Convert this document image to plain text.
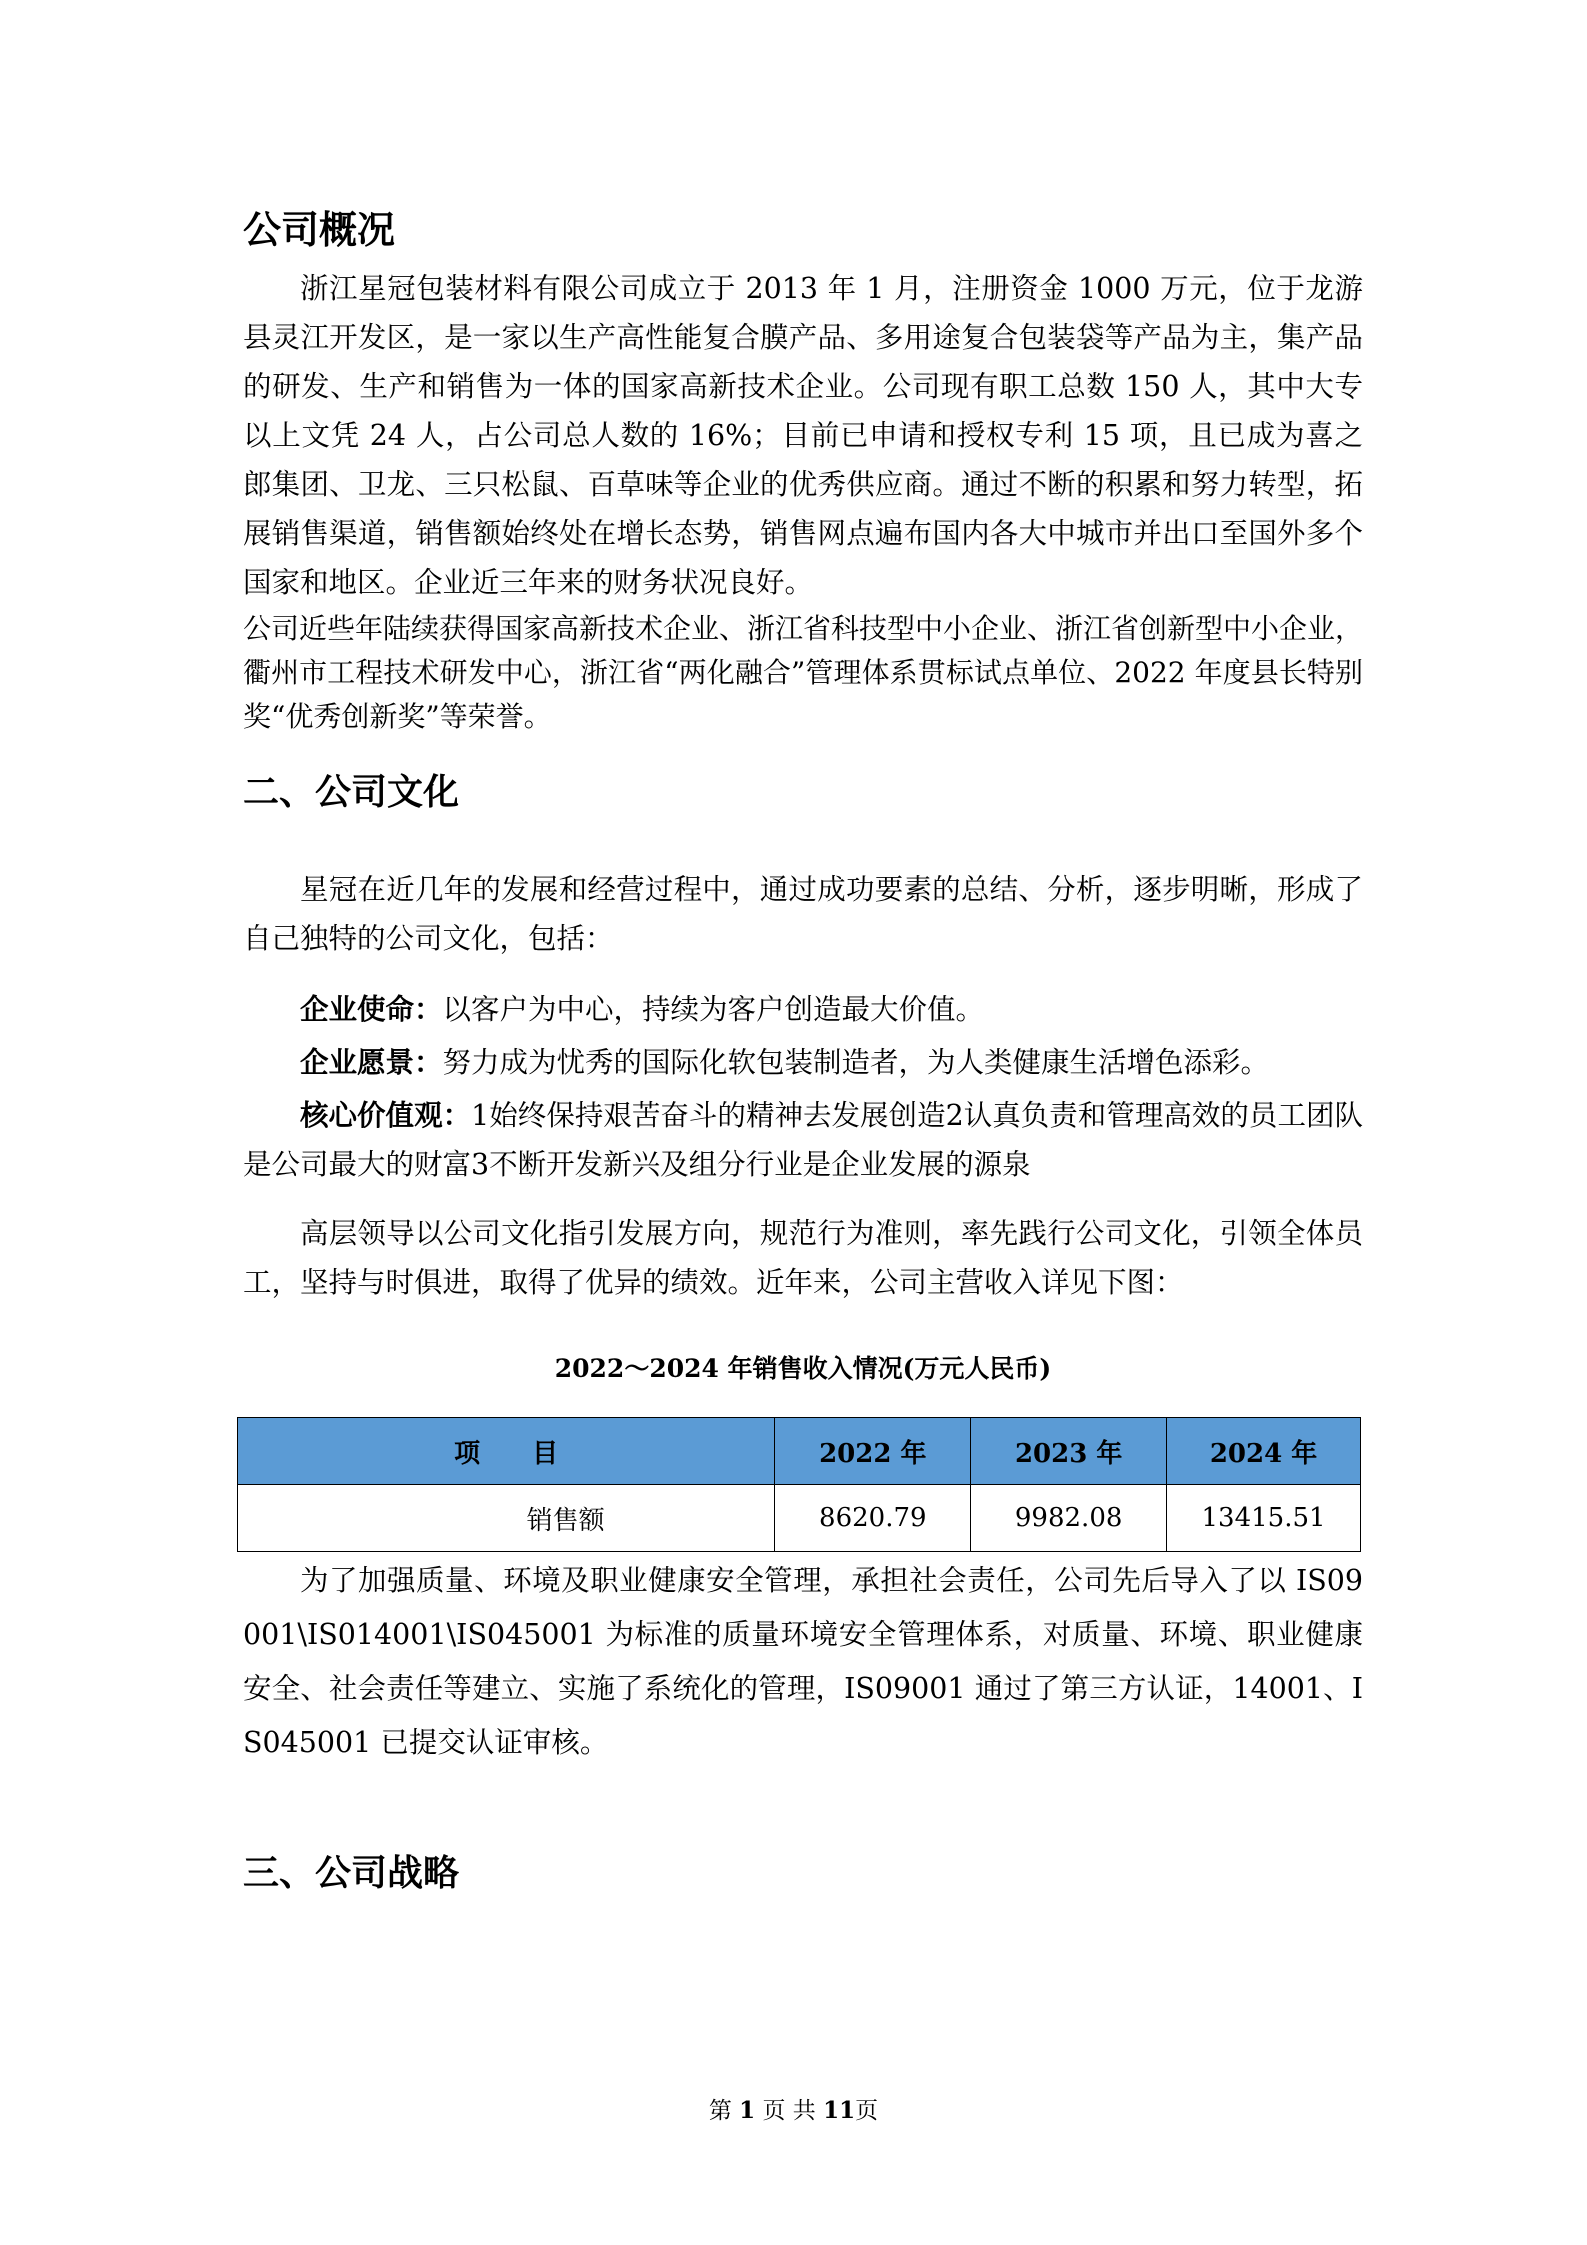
公司概况

浙江星冠包装材料有限公司成立于 2013 年 1 月，注册资金 1000 万元，位于龙游县灵江开发区，是一家以生产高性能复合膜产品、多用途复合包装袋等产品为主，集产品的研发、生产和销售为一体的国家高新技术企业。公司现有职工总数 150 人，其中大专以上文凭 24 人，占公司总人数的 16%；目前已申请和授权专利 15 项，且已成为喜之郎集团、卫龙、三只松鼠、百草味等企业的优秀供应商。通过不断的积累和努力转型，拓展销售渠道，销售额始终处在增长态势，销售网点遍布国内各大中城市并出口至国外多个国家和地区。企业近三年来的财务状况良好。

公司近些年陆续获得国家高新技术企业、浙江省科技型中小企业、浙江省创新型中小企业，衢州市工程技术研发中心，浙江省“两化融合”管理体系贯标试点单位、2022 年度县长特别奖“优秀创新奖”等荣誉。

二、公司文化

星冠在近几年的发展和经营过程中，通过成功要素的总结、分析，逐步明晰，形成了自己独特的公司文化，包括：

企业使命：以客户为中心，持续为客户创造最大价值。

企业愿景：努力成为忧秀的国际化软包装制造者，为人类健康生活增色添彩。

核心价值观：1始终保持艰苦奋斗的精神去发展创造2认真负责和管理高效的员工团队是公司最大的财富3不断开发新兴及组分行业是企业发展的源泉

高层领导以公司文化指引发展方向，规范行为准则，率先践行公司文化，引领全体员工，坚持与时俱进，取得了优异的绩效。近年来，公司主营收入详见下图：

2022～2024 年销售收入情况(万元人民币)

项　　目	2022 年	2023 年	2024 年
销售额	8620.79	9982.08	13415.51

为了加强质量、环境及职业健康安全管理，承担社会责任，公司先后导入了以 IS09001\IS014001\IS045001 为标准的质量环境安全管理体系，对质量、环境、职业健康安全、社会责任等建立、实施了系统化的管理，IS09001 通过了第三方认证，14001、IS045001 已提交认证审核。

三、公司战略
第 1 页 共 11页
